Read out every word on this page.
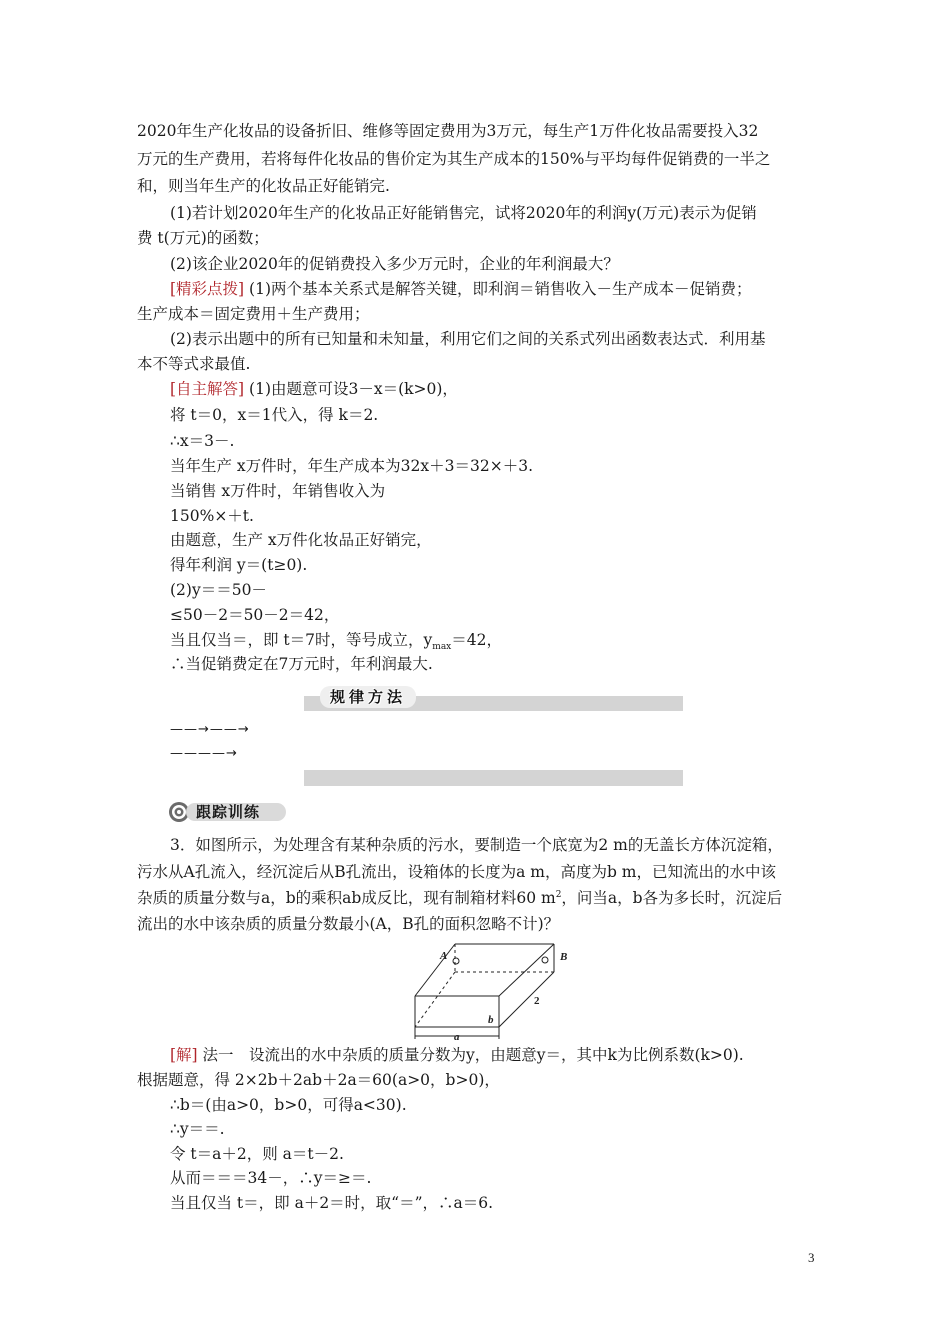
2020年生产化妆品的设备折旧、维修等固定费用为3万元，每生产1万件化妆品需要投入32
万元的生产费用，若将每件化妆品的售价定为其生产成本的150%与平均每件促销费的一半之
和，则当年生产的化妆品正好能销完.
(1)若计划2020年生产的化妆品正好能销售完，试将2020年的利润y(万元)表示为促销
费 t(万元)的函数；
(2)该企业2020年的促销费投入多少万元时，企业的年利润最大？
[精彩点拨] (1)两个基本关系式是解答关键，即利润＝销售收入－生产成本－促销费；
生产成本＝固定费用＋生产费用；
(2)表示出题中的所有已知量和未知量，利用它们之间的关系式列出函数表达式．利用基
本不等式求最值.
[自主解答] (1)由题意可设3－x＝(k>0)，
将 t＝0，x＝1代入，得 k＝2.
∴x＝3－.
当年生产 x万件时，年生产成本为32x＋3＝32×＋3.
当销售 x万件时，年销售收入为
150%×＋t.
由题意，生产 x万件化妆品正好销完，
得年利润 y＝(t≥0).
(2)y＝＝50－
≤50－2＝50－2＝42，
当且仅当＝，即 t＝7时，等号成立，$y_{max}=42$，
∴当促销费定在7万元时，年利润最大.
规律方法
——→——→
————→
跟踪训练
3．如图所示，为处理含有某种杂质的污水，要制造一个底宽为2 m的无盖长方体沉淀箱，
污水从A孔流入，经沉淀后从B孔流出，设箱体的长度为a m，高度为b m，已知流出的水中该
杂质的质量分数与a，b的乘积ab成反比，现有制箱材料60 $m^2$，问当a，b各为多长时，沉淀后
流出的水中该杂质的质量分数最小(A，B孔的面积忽略不计)？
A	B
b
a
2
[解] 法一　设流出的水中杂质的质量分数为y，由题意y＝，其中k为比例系数(k>0).
根据题意，得 2×2b＋2ab＋2a＝60(a>0，b>0)，
∴b＝(由a>0，b>0，可得a<30).
∴y＝＝.
令 t＝a＋2，则 a＝t－2.
从而＝＝＝34－，∴y＝≥＝.
当且仅当 t＝，即 a＋2＝时，取“＝”，∴a＝6.
3
